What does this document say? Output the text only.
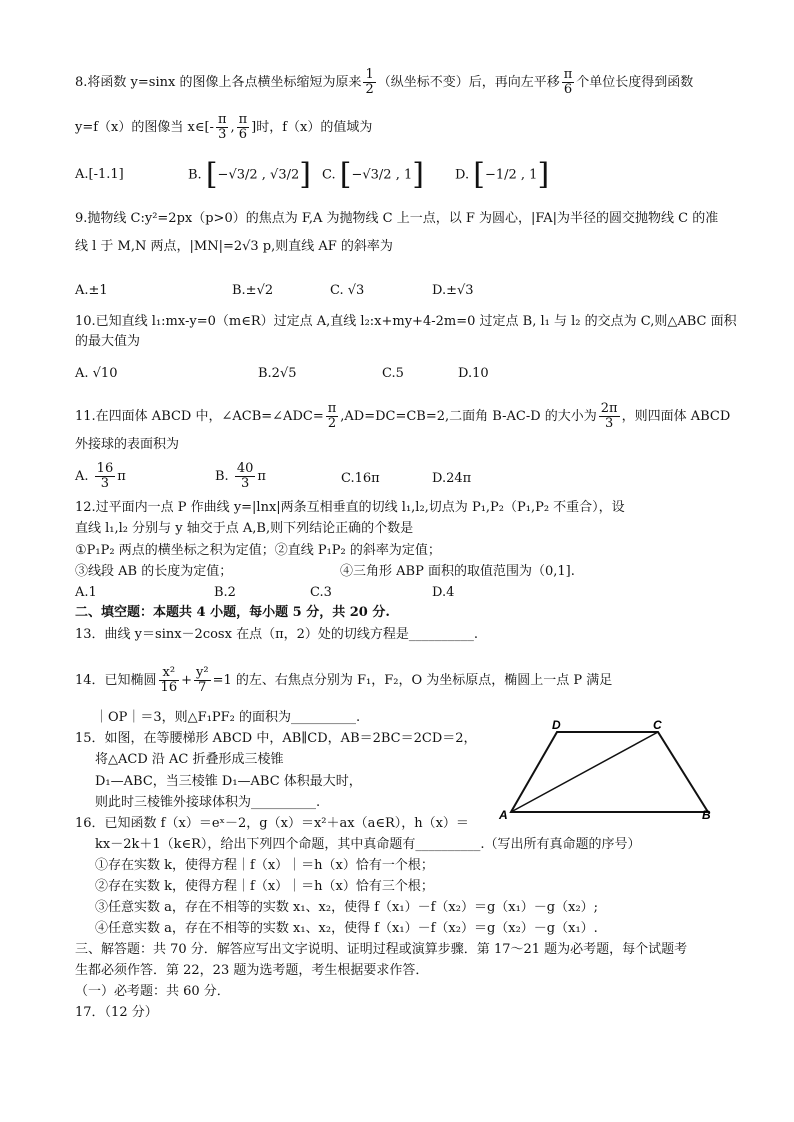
8.将函数 y=sinx 的图像上各点横坐标缩短为原来 $\frac{1}{2}$ （纵坐标不变）后，再向左平移 $\frac{\pi}{6}$ 个单位长度得到函数
y=f（x）的图像当 x∈[- $\frac{\pi}{3}$ , $\frac{\pi}{6}$ ]时，f（x）的值域为
A.[-1.1]	B. [−√3/2 , √3/2] C. [−√3/2 , 1] D. [−1/2 , 1]
9.抛物线 C:y²=2px（p>0）的焦点为 F,A 为抛物线 C 上一点，以 F 为圆心，|FA|为半径的圆交抛物线 C 的准
线 l 于 M,N 两点，|MN|=2√3 p,则直线 AF 的斜率为
A.±1	B.±√2	C. √3	D.±√3
10.已知直线 l₁:mx-y=0（m∈R）过定点 A,直线 l₂:x+my+4-2m=0 过定点 B, l₁ 与 l₂ 的交点为 C,则△ABC 面积
的最大值为
A. √10	B.2√5	C.5	D.10
11.在四面体 ABCD 中，∠ACB=∠ADC= $\frac{\pi}{2} ,AD=DC=CB=2$,二面角 B-AC-D 的大小为 $\frac{2\pi}{3}$ ，则四面体 ABCD
外接球的表面积为
A. $\frac{16}{3}$ π	B. $\frac{40}{3}$ π	C.16π	D.24π
12.过平面内一点 P 作曲线 y=|lnx|两条互相垂直的切线 l₁,l₂,切点为 P₁,P₂（P₁,P₂ 不重合），设
直线 l₁,l₂ 分别与 y 轴交于点 A,B,则下列结论正确的个数是
①P₁P₂ 两点的横坐标之积为定值；②直线 P₁P₂ 的斜率为定值；
③线段 AB 的长度为定值；	④三角形 ABP 面积的取值范围为（0,1].
A.1	B.2	C.3	D.4
二、填空题：本题共 4 小题，每小题 5 分，共 20 分.
13．曲线 y＝sinx－2cosx 在点（π，2）处的切线方程是__________.
14．已知椭圆 $\frac{\text{x²}}{16} + \frac{\text{y²}}{7} =1$ 的左、右焦点分别为 F₁，F₂，O 为坐标原点，椭圆上一点 P 满足
｜OP｜＝3，则△F₁PF₂ 的面积为__________.
15．如图，在等腰梯形 ABCD 中，AB∥CD，AB＝2BC＝2CD＝2，
将△ACD 沿 AC 折叠形成三棱锥
D₁—ABC，当三棱锥 D₁—ABC 体积最大时，
则此时三棱锥外接球体积为__________.
D	C
A	B
16．已知函数 f（x）＝eˣ－2，g（x）＝x²＋ax（a∈R），h（x）＝
kx－2k＋1（k∈R），给出下列四个命题，其中真命题有__________.（写出所有真命题的序号）
①存在实数 k，使得方程｜f（x）｜＝h（x）恰有一个根；
②存在实数 k，使得方程｜f（x）｜＝h（x）恰有三个根；
③任意实数 a，存在不相等的实数 x₁、x₂，使得 f（x₁）－f（x₂）＝g（x₁）－g（x₂）;
④任意实数 a，存在不相等的实数 x₁、x₂，使得 f（x₁）－f（x₂）＝g（x₂）－g（x₁）.
三、解答题：共 70 分．解答应写出文字说明、证明过程或演算步骤．第 17～21 题为必考题，每个试题考
生都必须作答．第 22，23 题为选考题，考生根据要求作答．
（一）必考题：共 60 分．
17．（12 分）
